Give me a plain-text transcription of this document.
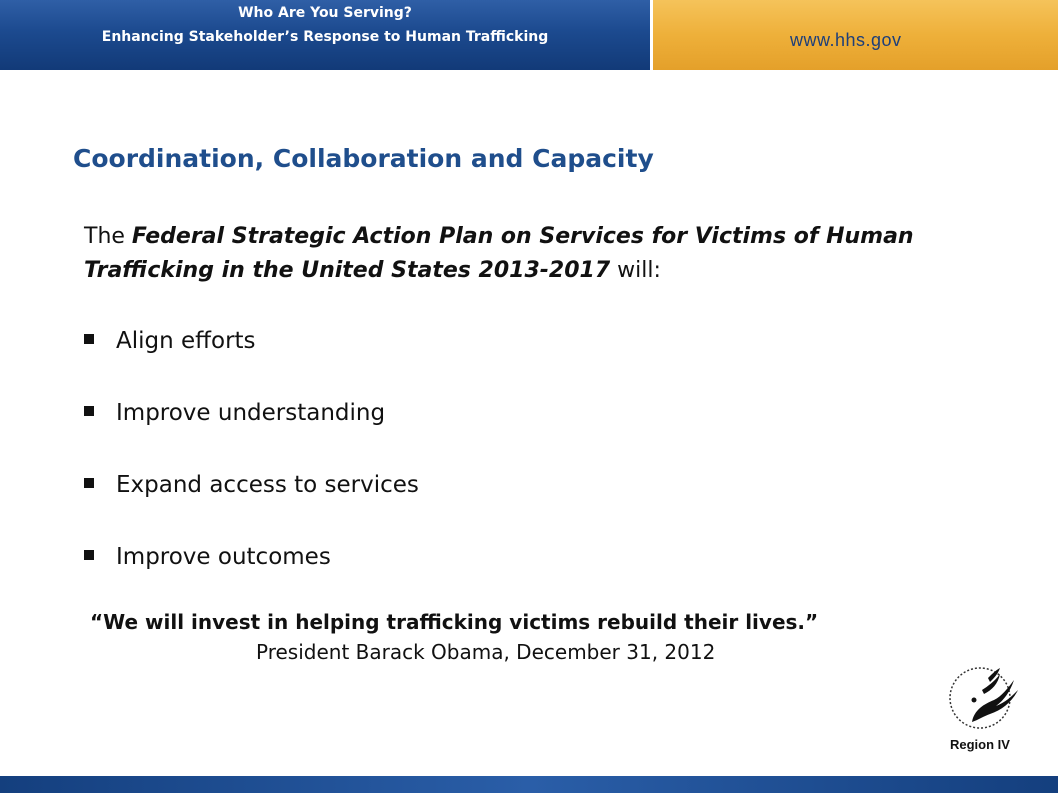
Who Are You Serving?
Enhancing Stakeholder’s Response to Human Trafficking	www.hhs.gov
Coordination, Collaboration and Capacity
The Federal Strategic Action Plan on Services for Victims of Human Trafficking in the United States 2013-2017 will:
Align efforts
Improve understanding
Expand access to services
Improve outcomes
“We will invest in helping trafficking victims rebuild their lives.”
President Barack Obama, December 31, 2012
Region IV
